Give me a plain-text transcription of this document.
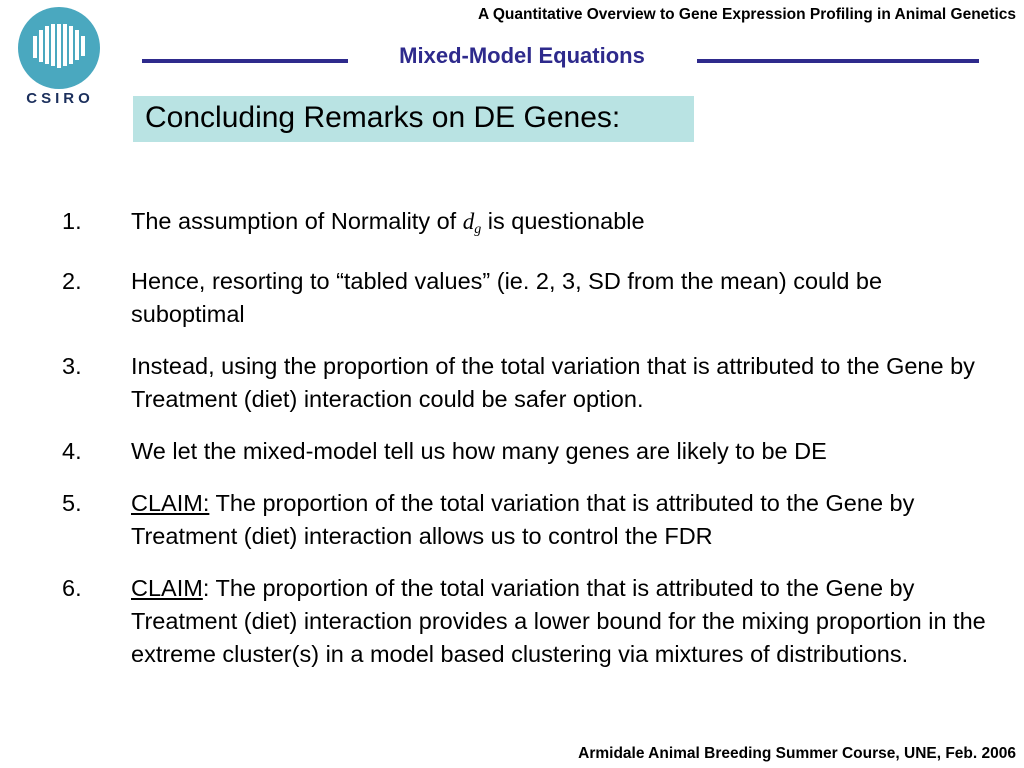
CSIRO
A Quantitative Overview to Gene Expression Profiling in Animal Genetics
Mixed-Model Equations
Concluding Remarks on DE Genes:
1. The assumption of Normality of $d_g$ is questionable
2. Hence, resorting to “tabled values” (ie. 2, 3, SD from the mean) could be suboptimal
3. Instead, using the proportion of the total variation that is attributed to the Gene by Treatment (diet) interaction could be safer option.
4. We let the mixed-model tell us how many genes are likely to be DE
5. CLAIM: The proportion of the total variation that is attributed to the Gene by Treatment (diet) interaction allows us to control the FDR
6. CLAIM: The proportion of the total variation that is attributed to the Gene by Treatment (diet) interaction provides a lower bound for the mixing proportion in the extreme cluster(s) in a model based clustering via mixtures of distributions.
Armidale Animal Breeding Summer Course, UNE, Feb. 2006
